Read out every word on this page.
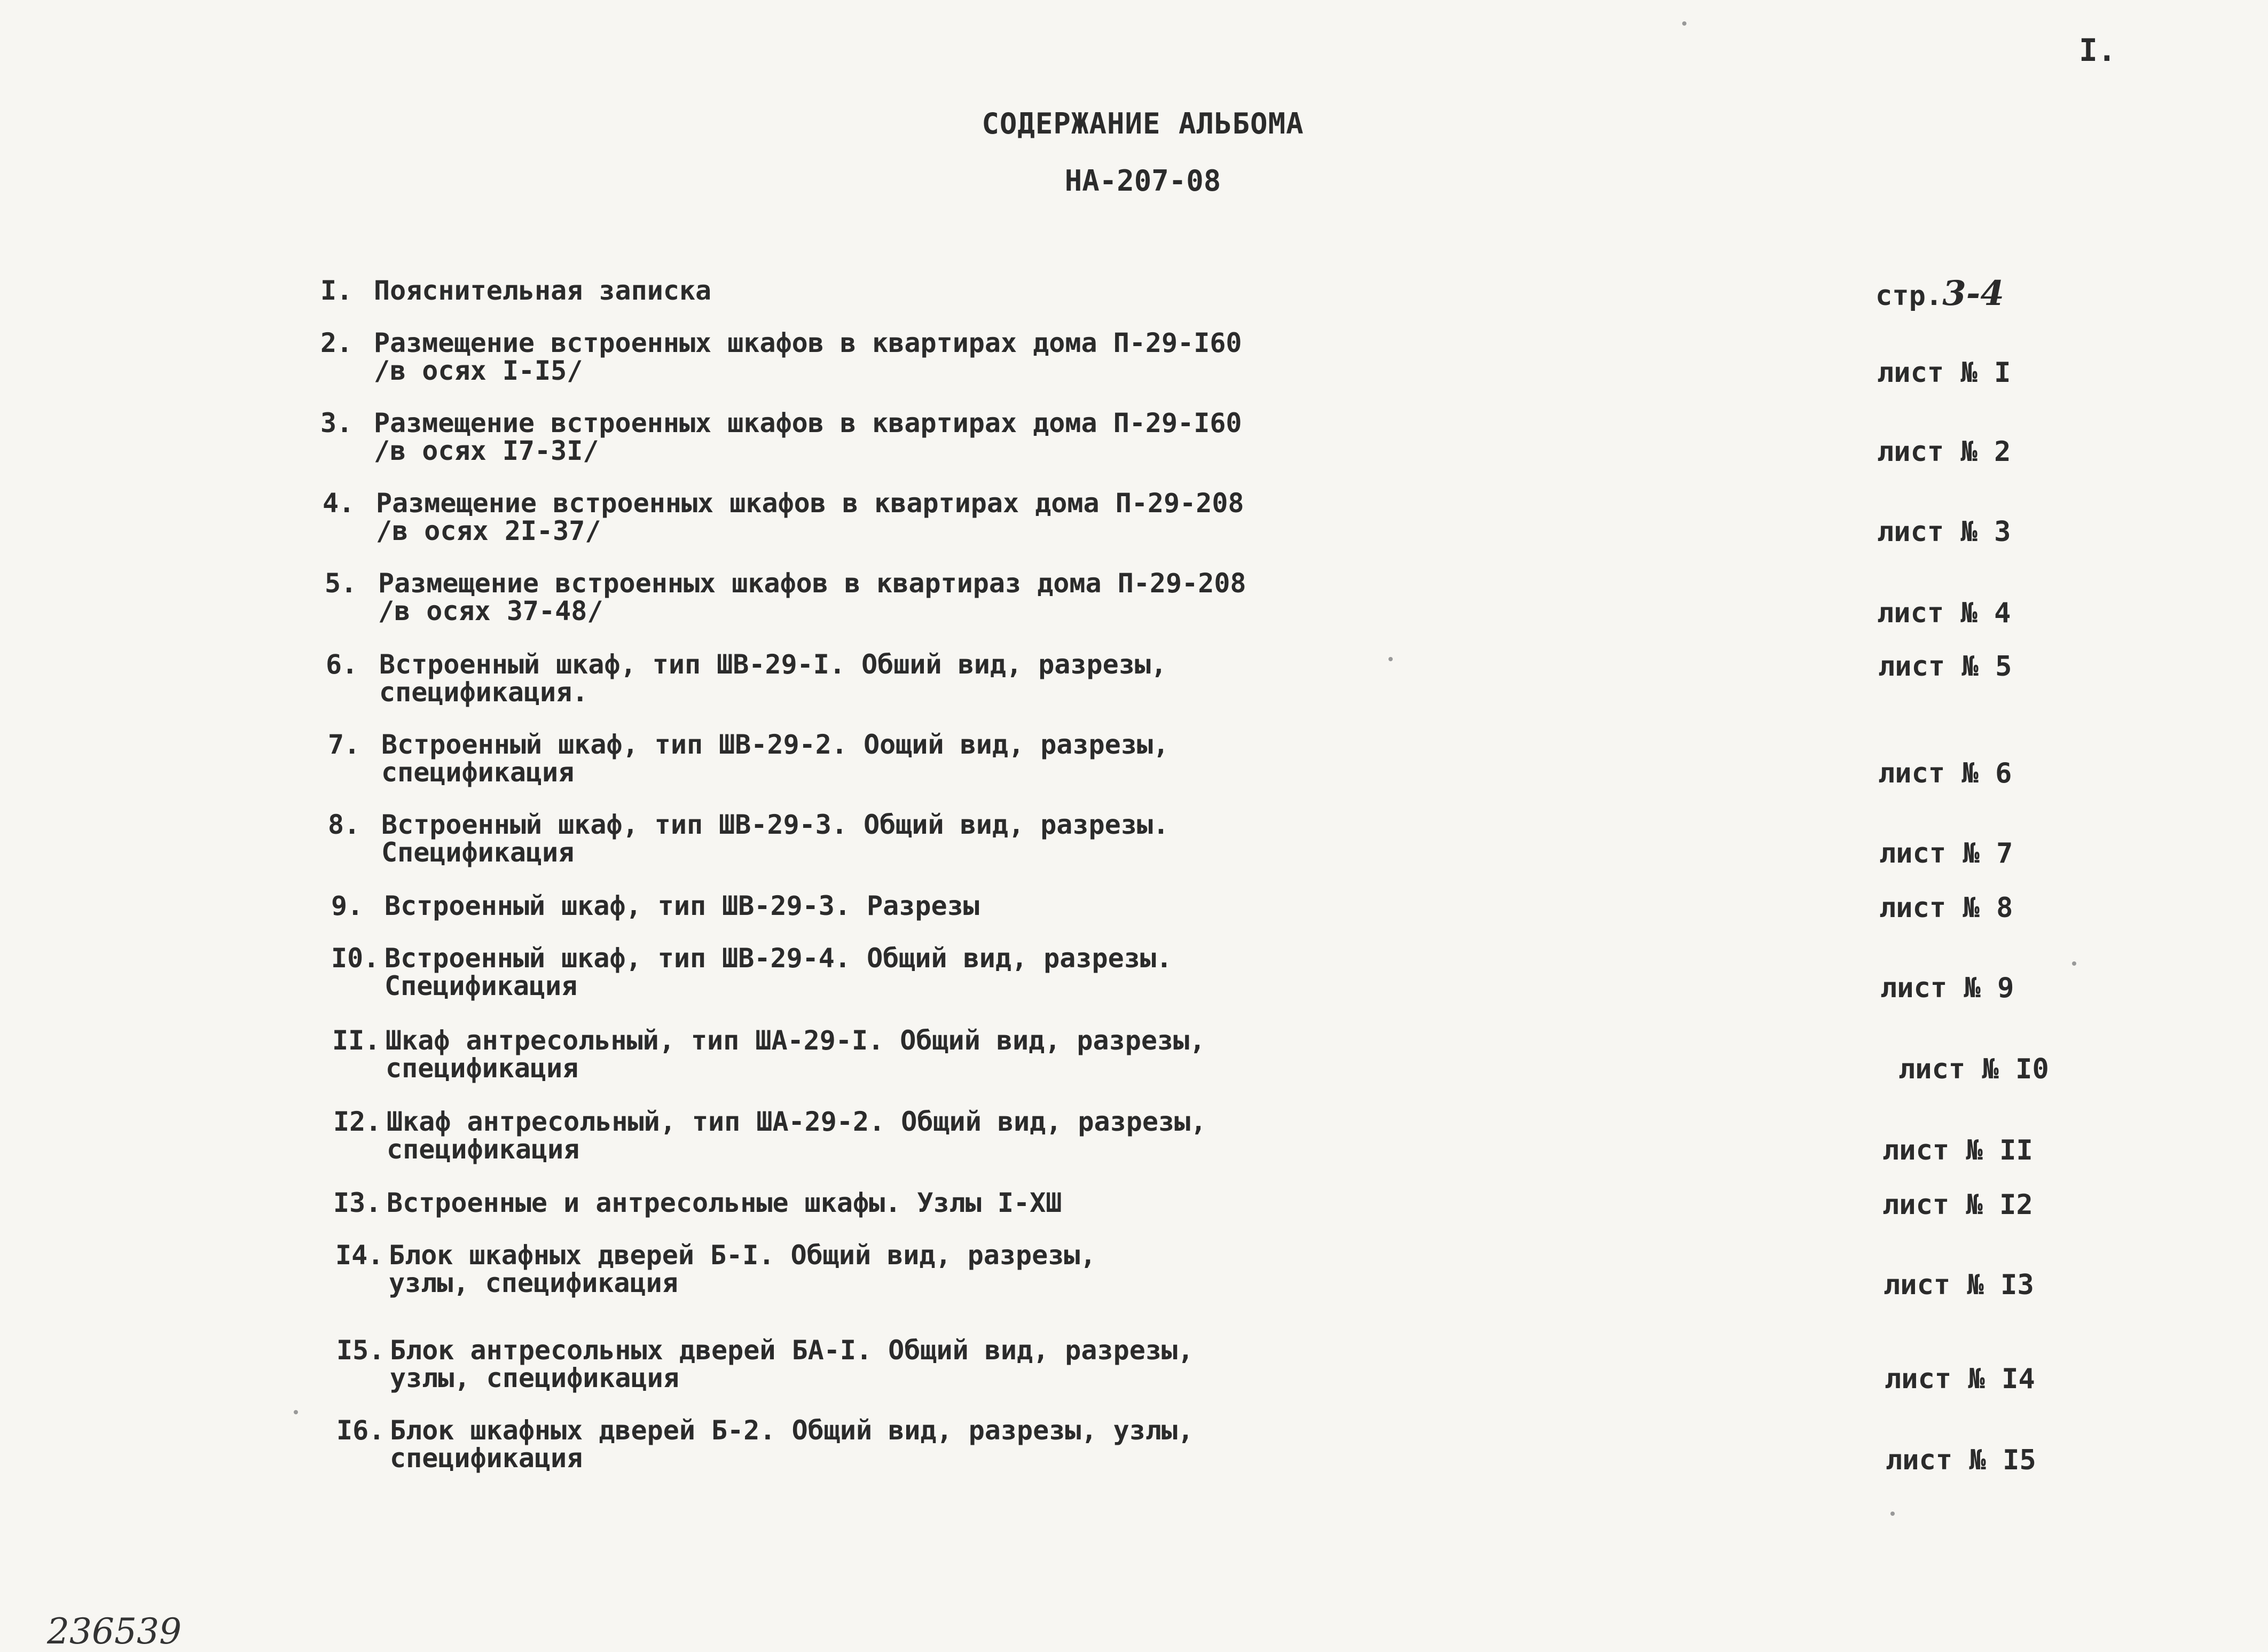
I.
СОДЕРЖАНИЕ АЛЬБОМА
НА-207-08
I. Пояснительная записка	стр.3-4
2. Размещение встроенных шкафов в квартирах дома П-29-I60
/в осях I-I5/	лист № I
3. Размещение встроенных шкафов в квартирах дома П-29-I60
/в осях I7-3I/	лист № 2
4. Размещение встроенных шкафов в квартирах дома П-29-208
/в осях 2I-37/	лист № 3
5. Размещение встроенных шкафов в квартираз дома П-29-208
/в осях 37-48/	лист № 4
6. Встроенный шкаф, тип ШВ-29-I. Обший вид, разрезы,
спецификация.
лист № 5
7. Встроенный шкаф, тип ШВ-29-2. Оощий вид, разрезы,
спецификация	лист № 6
8. Встроенный шкаф, тип ШВ-29-3. Общий вид, разрезы.
Спецификация	лист № 7
9. Встроенный шкаф, тип ШВ-29-3. Разрезы	лист № 8
I0. Встроенный шкаф, тип ШВ-29-4. Общий вид, разрезы.
Спецификация	лист № 9
II. Шкаф антресольный, тип ША-29-I. Общий вид, разрезы,
спецификация	лист № I0
I2. Шкаф антресольный, тип ША-29-2. Общий вид, разрезы,
спецификация	лист № II
I3. Встроенные и антресольные шкафы. Узлы I-XШ	лист № I2
I4. Блок шкафных дверей Б-I. Общий вид, разрезы,
узлы, спецификация	лист № I3
I5. Блок антресольных дверей БА-I. Общий вид, разрезы,
узлы, спецификация	лист № I4
I6. Блок шкафных дверей Б-2. Общий вид, разрезы, узлы,
спецификация	лист № I5
236539
